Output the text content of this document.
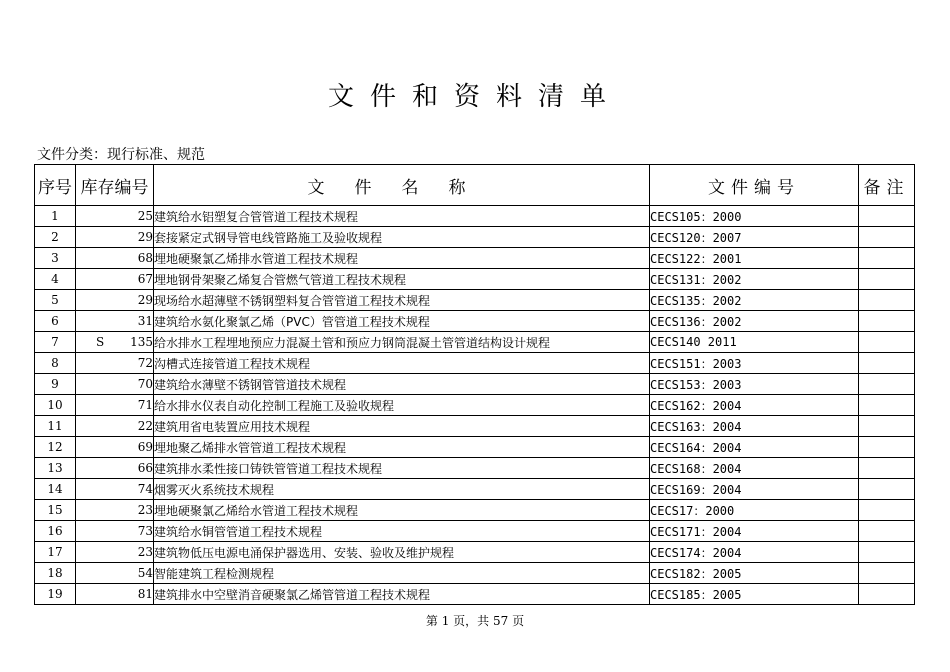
文件和资料清单
文件分类：现行标准、规范
序号	库存编号	文件名称	文件编号	备注
1	25	建筑给水铝塑复合管管道工程技术规程	CECS105：2000	
2	29	套接紧定式钢导管电线管路施工及验收规程	CECS120：2007	
3	68	埋地硬聚氯乙烯排水管道工程技术规程	CECS122：2001	
4	67	埋地钢骨架聚乙烯复合管燃气管道工程技术规程	CECS131：2002	
5	29	现场给水超薄壁不锈钢塑料复合管管道工程技术规程	CECS135：2002	
6	31	建筑给水氨化聚氯乙烯（PVC）管管道工程技术规程	CECS136：2002	
7	S 135	给水排水工程埋地预应力混凝土管和预应力钢筒混凝土管管道结构设计规程	CECS140 2011	
8	72	沟槽式连接管道工程技术规程	CECS151：2003	
9	70	建筑给水薄壁不锈钢管管道技术规程	CECS153：2003	
10	71	给水排水仪表自动化控制工程施工及验收规程	CECS162：2004	
11	22	建筑用省电装置应用技术规程	CECS163：2004	
12	69	埋地聚乙烯排水管管道工程技术规程	CECS164：2004	
13	66	建筑排水柔性接口铸铁管管道工程技术规程	CECS168：2004	
14	74	烟雾灭火系统技术规程	CECS169：2004	
15	23	埋地硬聚氯乙烯给水管道工程技术规程	CECS17：2000	
16	73	建筑给水铜管管道工程技术规程	CECS171：2004	
17	23	建筑物低压电源电涌保护器选用、安装、验收及维护规程	CECS174：2004	
18	54	智能建筑工程检测规程	CECS182：2005	
19	81	建筑排水中空壁消音硬聚氯乙烯管管道工程技术规程	CECS185：2005	
第 1 页，共 57 页
